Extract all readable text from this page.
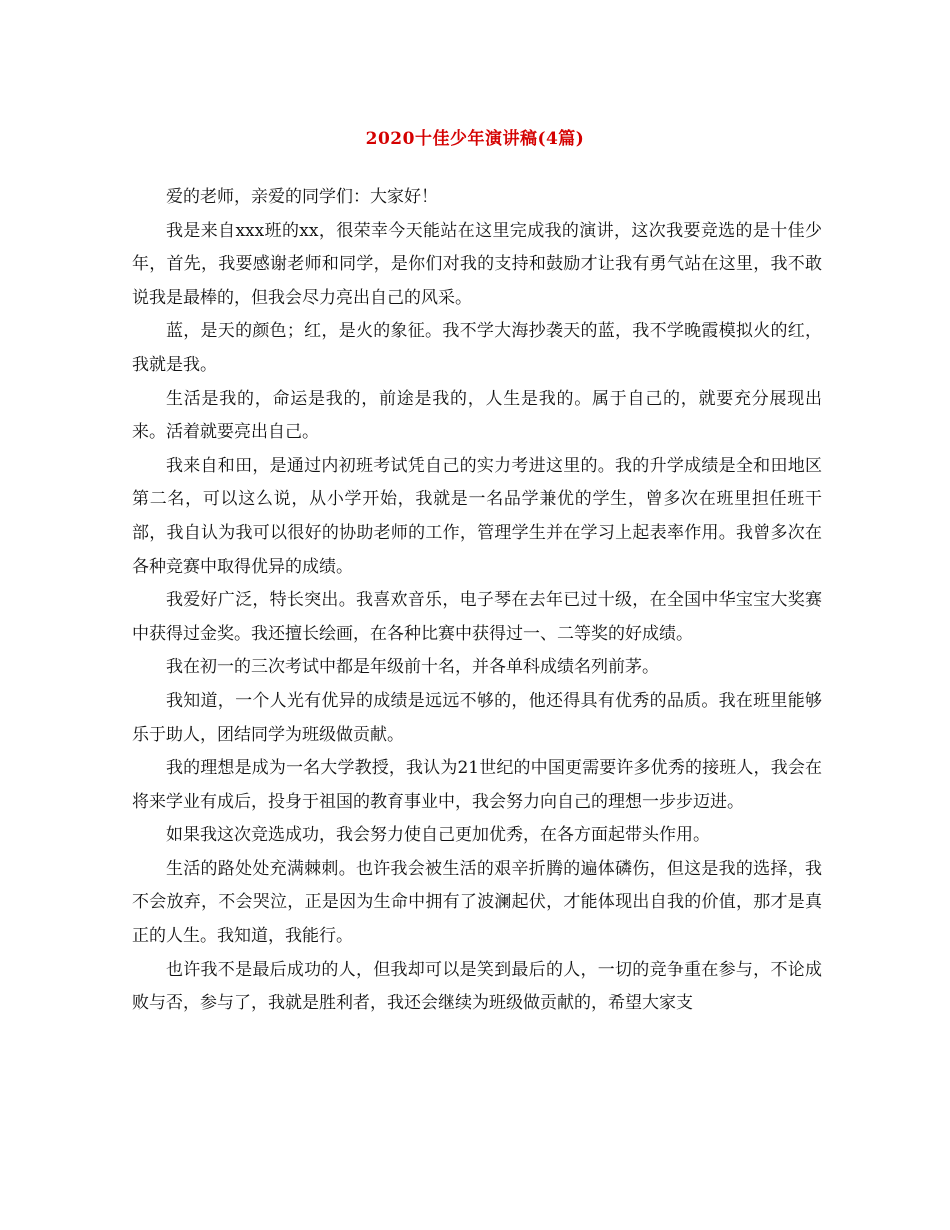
2020十佳少年演讲稿(4篇)

爱的老师，亲爱的同学们：大家好！

我是来自xxx班的xx，很荣幸今天能站在这里完成我的演讲，这次我要竞选的是十佳少年，首先，我要感谢老师和同学，是你们对我的支持和鼓励才让我有勇气站在这里，我不敢说我是最棒的，但我会尽力亮出自己的风采。

蓝，是天的颜色；红，是火的象征。我不学大海抄袭天的蓝，我不学晚霞模拟火的红，我就是我。

生活是我的，命运是我的，前途是我的，人生是我的。属于自己的，就要充分展现出来。活着就要亮出自己。

我来自和田，是通过内初班考试凭自己的实力考进这里的。我的升学成绩是全和田地区第二名，可以这么说，从小学开始，我就是一名品学兼优的学生，曾多次在班里担任班干部，我自认为我可以很好的协助老师的工作，管理学生并在学习上起表率作用。我曾多次在各种竞赛中取得优异的成绩。

我爱好广泛，特长突出。我喜欢音乐，电子琴在去年已过十级，在全国中华宝宝大奖赛中获得过金奖。我还擅长绘画，在各种比赛中获得过一、二等奖的好成绩。

我在初一的三次考试中都是年级前十名，并各单科成绩名列前茅。

我知道，一个人光有优异的成绩是远远不够的，他还得具有优秀的品质。我在班里能够乐于助人，团结同学为班级做贡献。

我的理想是成为一名大学教授，我认为21世纪的中国更需要许多优秀的接班人，我会在将来学业有成后，投身于祖国的教育事业中，我会努力向自己的理想一步步迈进。

如果我这次竞选成功，我会努力使自己更加优秀，在各方面起带头作用。

生活的路处处充满棘刺。也许我会被生活的艰辛折腾的遍体磷伤，但这是我的选择，我不会放弃，不会哭泣，正是因为生命中拥有了波澜起伏，才能体现出自我的价值，那才是真正的人生。我知道，我能行。

也许我不是最后成功的人，但我却可以是笑到最后的人，一切的竞争重在参与，不论成败与否，参与了，我就是胜利者，我还会继续为班级做贡献的，希望大家支
